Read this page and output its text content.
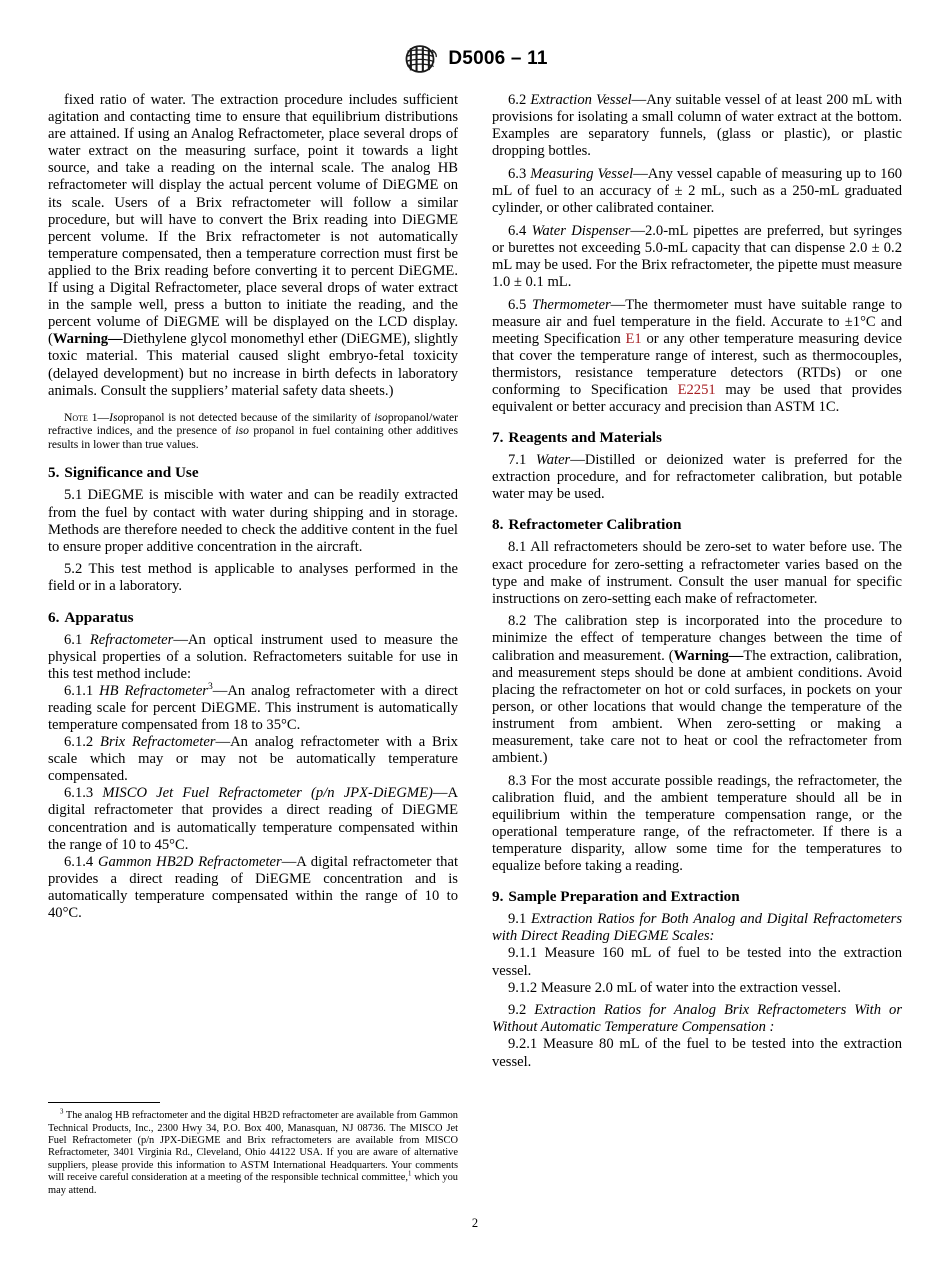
D5006 – 11

fixed ratio of water. The extraction procedure includes sufficient agitation and contacting time to ensure that equilibrium distributions are attained. If using an Analog Refractometer, place several drops of water extract on the measuring surface, point it towards a light source, and take a reading on the internal scale. The analog HB refractometer will display the actual percent volume of DiEGME on its scale. Users of a Brix refractometer will follow a similar procedure, but will have to convert the Brix reading into DiEGME percent volume. If the Brix refractometer is not automatically temperature compensated, then a temperature correction must first be applied to the Brix reading before converting it to percent DiEGME. If using a Digital Refractometer, place several drops of water extract in the sample well, press a button to initiate the reading, and the percent volume of DiEGME will be displayed on the LCD display. (Warning—Diethylene glycol monomethyl ether (DiEGME), slightly toxic material. This material caused slight embryo-fetal toxicity (delayed development) but no increase in birth defects in laboratory animals. Consult the suppliers’ material safety data sheets.)

Note 1—Isopropanol is not detected because of the similarity of isopropanol/water refractive indices, and the presence of iso propanol in fuel containing other additives results in lower than true values.

5. Significance and Use

5.1 DiEGME is miscible with water and can be readily extracted from the fuel by contact with water during shipping and in storage. Methods are therefore needed to check the additive content in the fuel to ensure proper additive concentration in the aircraft.

5.2 This test method is applicable to analyses performed in the field or in a laboratory.

6. Apparatus

6.1 Refractometer—An optical instrument used to measure the physical properties of a solution. Refractometers suitable for use in this test method include:

6.1.1 HB Refractometer$^3$—An analog refractometer with a direct reading scale for percent DiEGME. This instrument is automatically temperature compensated from 18 to 35°C.

6.1.2 Brix Refractometer—An analog refractometer with a Brix scale which may or may not be automatically temperature compensated.

6.1.3 MISCO Jet Fuel Refractometer (p/n JPX-DiEGME)—A digital refractometer that provides a direct reading of DiEGME concentration and is automatically temperature compensated within the range of 10 to 45°C.

6.1.4 Gammon HB2D Refractometer—A digital refractometer that provides a direct reading of DiEGME concentration and is automatically temperature compensated within the range of 10 to 40°C.

$^3$ The analog HB refractometer and the digital HB2D refractometer are available from Gammon Technical Products, Inc., 2300 Hwy 34, P.O. Box 400, Manasquan, NJ 08736. The MISCO Jet Fuel Refractometer (p/n JPX-DiEGME and Brix refractometers are available from MISCO Refractometer, 3401 Virginia Rd., Cleveland, Ohio 44122 USA. If you are aware of alternative suppliers, please provide this information to ASTM International Headquarters. Your comments will receive careful consideration at a meeting of the responsible technical committee,$^1$ which you may attend.

6.2 Extraction Vessel—Any suitable vessel of at least 200 mL with provisions for isolating a small column of water extract at the bottom. Examples are separatory funnels, (glass or plastic), or plastic dropping bottles.

6.3 Measuring Vessel—Any vessel capable of measuring up to 160 mL of fuel to an accuracy of ± 2 mL, such as a 250-mL graduated cylinder, or other calibrated container.

6.4 Water Dispenser—2.0-mL pipettes are preferred, but syringes or burettes not exceeding 5.0-mL capacity that can dispense 2.0 ± 0.2 mL may be used. For the Brix refractometer, the pipette must measure 1.0 ± 0.1 mL.

6.5 Thermometer—The thermometer must have suitable range to measure air and fuel temperature in the field. Accurate to ±1°C and meeting Specification E1 or any other temperature measuring device that cover the temperature range of interest, such as thermocouples, thermistors, resistance temperature detectors (RTDs) or one conforming to Specification E2251 may be used that provides equivalent or better accuracy and precision than ASTM 1C.

7. Reagents and Materials

7.1 Water—Distilled or deionized water is preferred for the extraction procedure, and for refractometer calibration, but potable water may be used.

8. Refractometer Calibration

8.1 All refractometers should be zero-set to water before use. The exact procedure for zero-setting a refractometer varies based on the type and make of instrument. Consult the user manual for specific instructions on zero-setting each make of refractometer.

8.2 The calibration step is incorporated into the procedure to minimize the effect of temperature changes between the time of calibration and measurement. (Warning—The extraction, calibration, and measurement steps should be done at ambient conditions. Avoid placing the refractometer on hot or cold surfaces, in pockets on your person, or other locations that would change the temperature of the instrument from ambient. When zero-setting or making a measurement, take care not to heat or cool the refractometer from ambient.)

8.3 For the most accurate possible readings, the refractometer, the calibration fluid, and the ambient temperature should all be in equilibrium within the temperature compensation range, or the operational temperature range, of the refractometer. If there is a temperature disparity, allow some time for the temperatures to equalize before taking a reading.

9. Sample Preparation and Extraction

9.1 Extraction Ratios for Both Analog and Digital Refractometers with Direct Reading DiEGME Scales:

9.1.1 Measure 160 mL of fuel to be tested into the extraction vessel.

9.1.2 Measure 2.0 mL of water into the extraction vessel.

9.2 Extraction Ratios for Analog Brix Refractometers With or Without Automatic Temperature Compensation :

9.2.1 Measure 80 mL of the fuel to be tested into the extraction vessel.

2
